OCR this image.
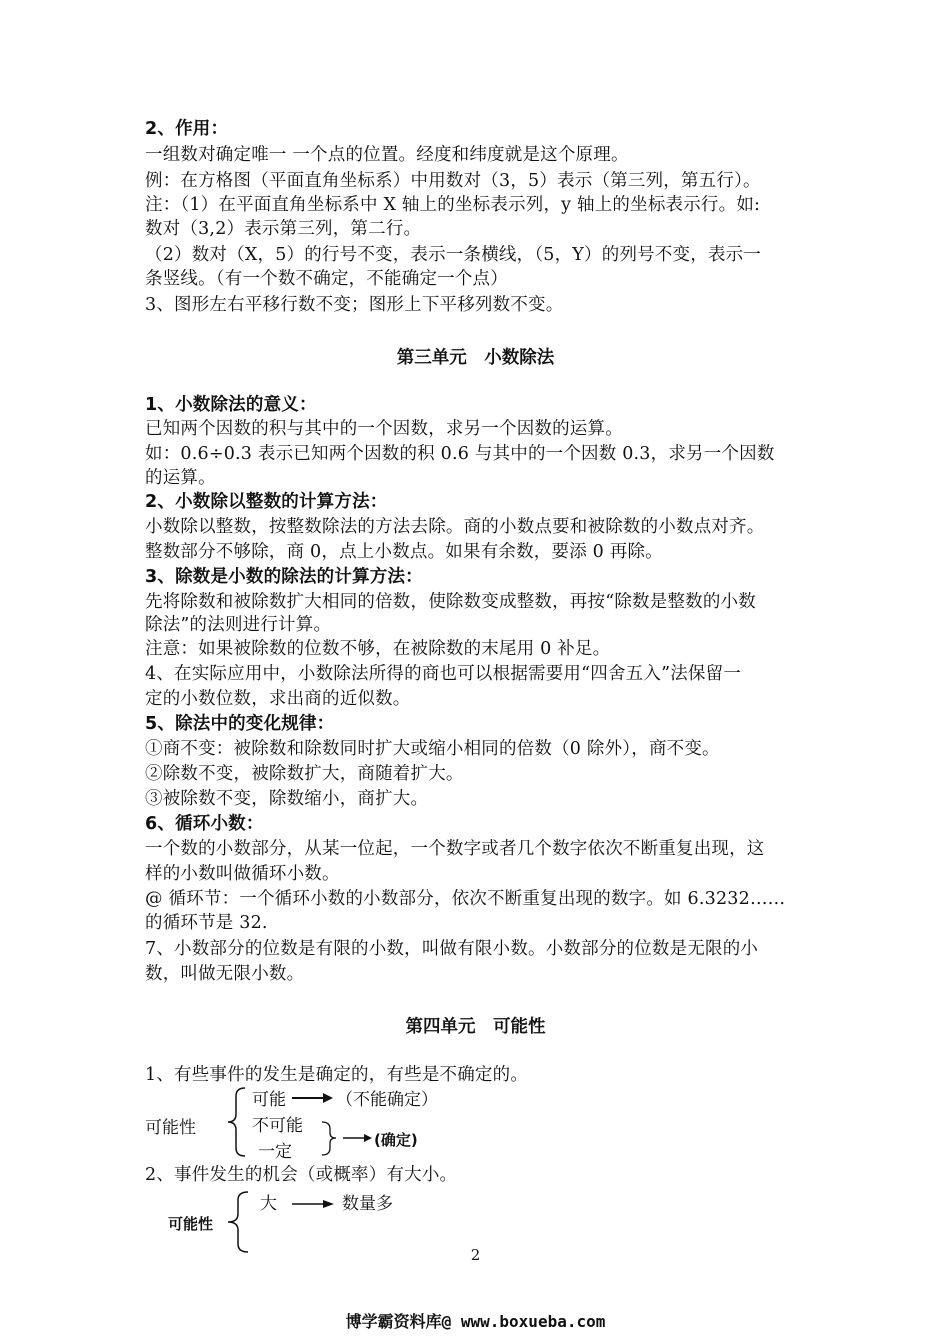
2、作用：
一组数对确定唯一 一个点的位置。经度和纬度就是这个原理。
例：在方格图（平面直角坐标系）中用数对（3，5）表示（第三列，第五行）。
注：（1）在平面直角坐标系中 X 轴上的坐标表示列，y 轴上的坐标表示行。如:
数对（3,2）表示第三列，第二行。
（2）数对（X，5）的行号不变，表示一条横线，（5，Y）的列号不变，表示一
条竖线。（有一个数不确定，不能确定一个点）
3、图形左右平移行数不变；图形上下平移列数不变。
第三单元　小数除法
1、小数除法的意义：
已知两个因数的积与其中的一个因数，求另一个因数的运算。
如：0.6÷0.3 表示已知两个因数的积 0.6 与其中的一个因数 0.3，求另一个因数
的运算。
2、小数除以整数的计算方法：
小数除以整数，按整数除法的方法去除。商的小数点要和被除数的小数点对齐。
整数部分不够除，商 0，点上小数点。如果有余数，要添 0 再除。
3、除数是小数的除法的计算方法：
先将除数和被除数扩大相同的倍数，使除数变成整数，再按“除数是整数的小数
除法”的法则进行计算。
注意：如果被除数的位数不够，在被除数的末尾用 0 补足。
4、在实际应用中，小数除法所得的商也可以根据需要用“四舍五入”法保留一
定的小数位数，求出商的近似数。
5、除法中的变化规律：
①商不变：被除数和除数同时扩大或缩小相同的倍数（0 除外），商不变。
②除数不变，被除数扩大，商随着扩大。
③被除数不变，除数缩小，商扩大。
6、循环小数：
一个数的小数部分，从某一位起，一个数字或者几个数字依次不断重复出现，这
样的小数叫做循环小数。
@ 循环节：一个循环小数的小数部分，依次不断重复出现的数字。如 6.3232……
的循环节是 32.
7、小数部分的位数是有限的小数，叫做有限小数。小数部分的位数是无限的小
数，叫做无限小数。
第四单元　可能性
1、有些事件的发生是确定的，有些是不确定的。
可能性
可能	（不能确定）
不可能
一定
(确定)
2、事件发生的机会（或概率）有大小。
可能性
大	数量多
2
博学霸资料库@ www.boxueba.com
